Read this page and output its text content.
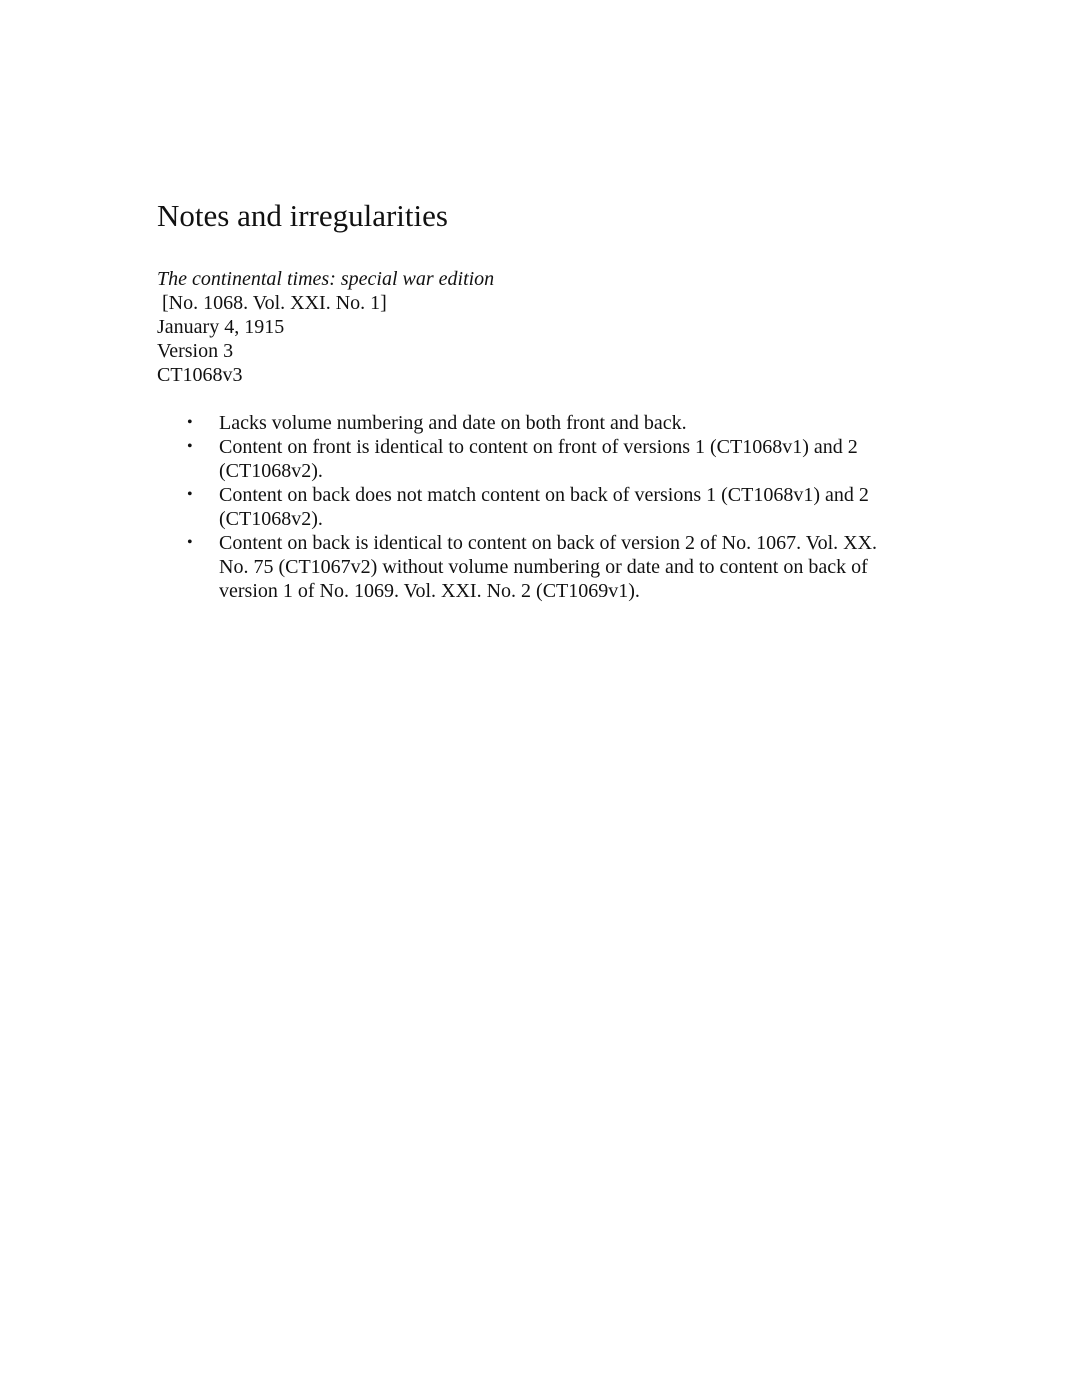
Notes and irregularities
The continental times: special war edition
[No. 1068. Vol. XXI. No. 1]
January 4, 1915
Version 3
CT1068v3
• Lacks volume numbering and date on both front and back.
• Content on front is identical to content on front of versions 1 (CT1068v1) and 2 (CT1068v2).
• Content on back does not match content on back of versions 1 (CT1068v1) and 2 (CT1068v2).
• Content on back is identical to content on back of version 2 of No. 1067. Vol. XX. No. 75 (CT1067v2) without volume numbering or date and to content on back of version 1 of No. 1069. Vol. XXI. No. 2 (CT1069v1).
